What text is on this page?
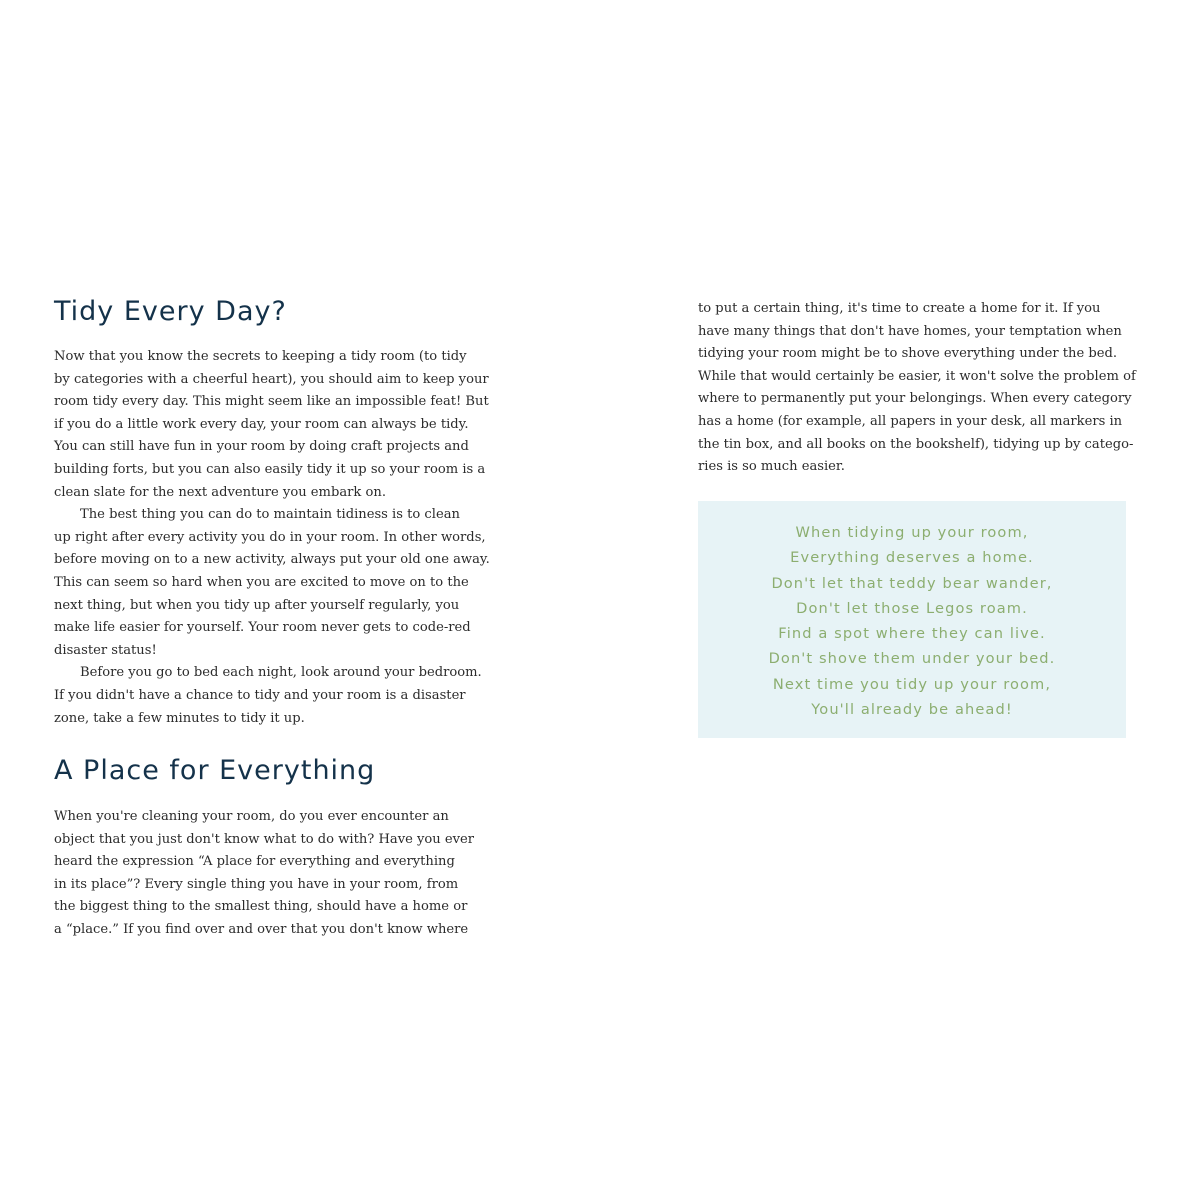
Tidy Every Day?
Now that you know the secrets to keeping a tidy room (to tidy
by categories with a cheerful heart), you should aim to keep your
room tidy every day. This might seem like an impossible feat! But
if you do a little work every day, your room can always be tidy.
You can still have fun in your room by doing craft projects and
building forts, but you can also easily tidy it up so your room is a
clean slate for the next adventure you embark on.
The best thing you can do to maintain tidiness is to clean
up right after every activity you do in your room. In other words,
before moving on to a new activity, always put your old one away.
This can seem so hard when you are excited to move on to the
next thing, but when you tidy up after yourself regularly, you
make life easier for yourself. Your room never gets to code-red
disaster status!
Before you go to bed each night, look around your bedroom.
If you didn't have a chance to tidy and your room is a disaster
zone, take a few minutes to tidy it up.
A Place for Everything
When you're cleaning your room, do you ever encounter an
object that you just don't know what to do with? Have you ever
heard the expression “A place for everything and everything
in its place”? Every single thing you have in your room, from
the biggest thing to the smallest thing, should have a home or
a “place.” If you find over and over that you don't know where
to put a certain thing, it's time to create a home for it. If you
have many things that don't have homes, your temptation when
tidying your room might be to shove everything under the bed.
While that would certainly be easier, it won't solve the problem of
where to permanently put your belongings. When every category
has a home (for example, all papers in your desk, all markers in
the tin box, and all books on the bookshelf), tidying up by catego-
ries is so much easier.
When tidying up your room,
Everything deserves a home.
Don't let that teddy bear wander,
Don't let those Legos roam.
Find a spot where they can live.
Don't shove them under your bed.
Next time you tidy up your room,
You'll already be ahead!
